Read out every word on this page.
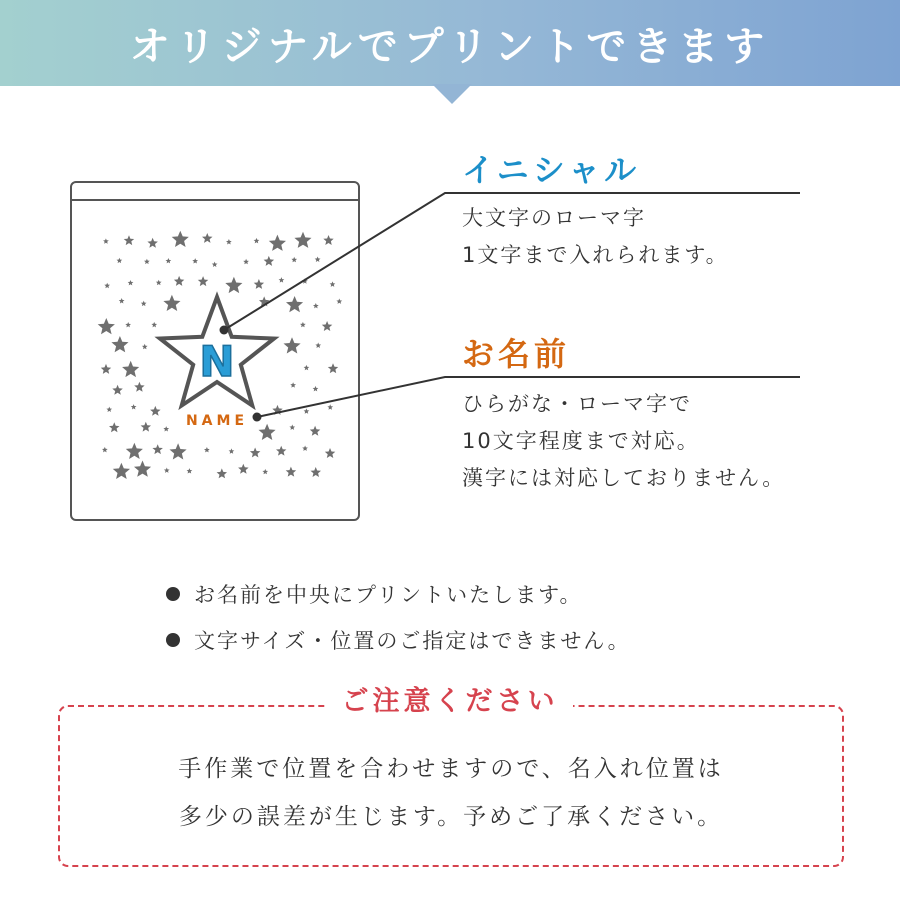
オリジナルでプリントできます
N
NAME
イニシャル
大文字のローマ字
1文字まで入れられます。
お名前
ひらがな・ローマ字で
10文字程度まで対応。
漢字には対応しておりません。
お名前を中央にプリントいたします。
文字サイズ・位置のご指定はできません。
ご注意ください
手作業で位置を合わせますので、名入れ位置は
多少の誤差が生じます。予めご了承ください。
